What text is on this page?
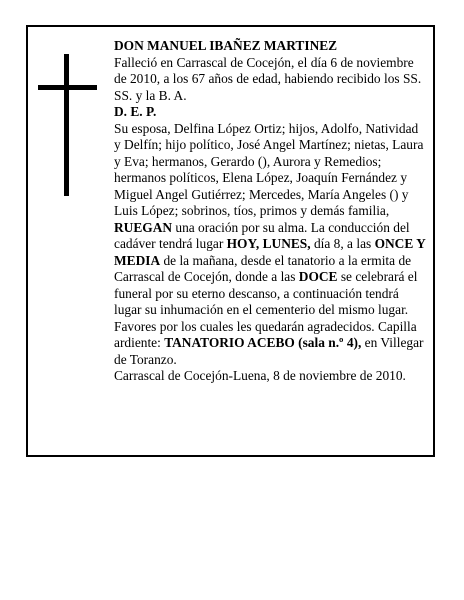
DON MANUEL IBAÑEZ MARTINEZ

Falleció en Carrascal de Cocejón, el día 6 de noviembre de 2010, a los 67 años de edad, habiendo recibido los SS. SS. y la B. A.

D. E. P.

Su esposa, Delfina López Ortiz; hijos, Adolfo, Natividad y Delfín; hijo político, José Angel Martínez; nietas, Laura y Eva; hermanos, Gerardo (), Aurora y Remedios; hermanos políticos, Elena López, Joaquín Fernández y Miguel Angel Gutiérrez; Mercedes, María Angeles () y Luis López; sobrinos, tíos, primos y demás familia,

RUEGAN una oración por su alma. La conducción del cadáver tendrá lugar HOY, LUNES, día 8, a las ONCE Y MEDIA de la mañana, desde el tanatorio a la ermita de Carrascal de Cocejón, donde a las DOCE se celebrará el funeral por su eterno descanso, a continuación tendrá lugar su inhumación en el cementerio del mismo lugar. Favores por los cuales les quedarán agradecidos. Capilla ardiente: TANATORIO ACEBO (sala n.º 4), en Villegar de Toranzo.

Carrascal de Cocejón-Luena, 8 de noviembre de 2010.
